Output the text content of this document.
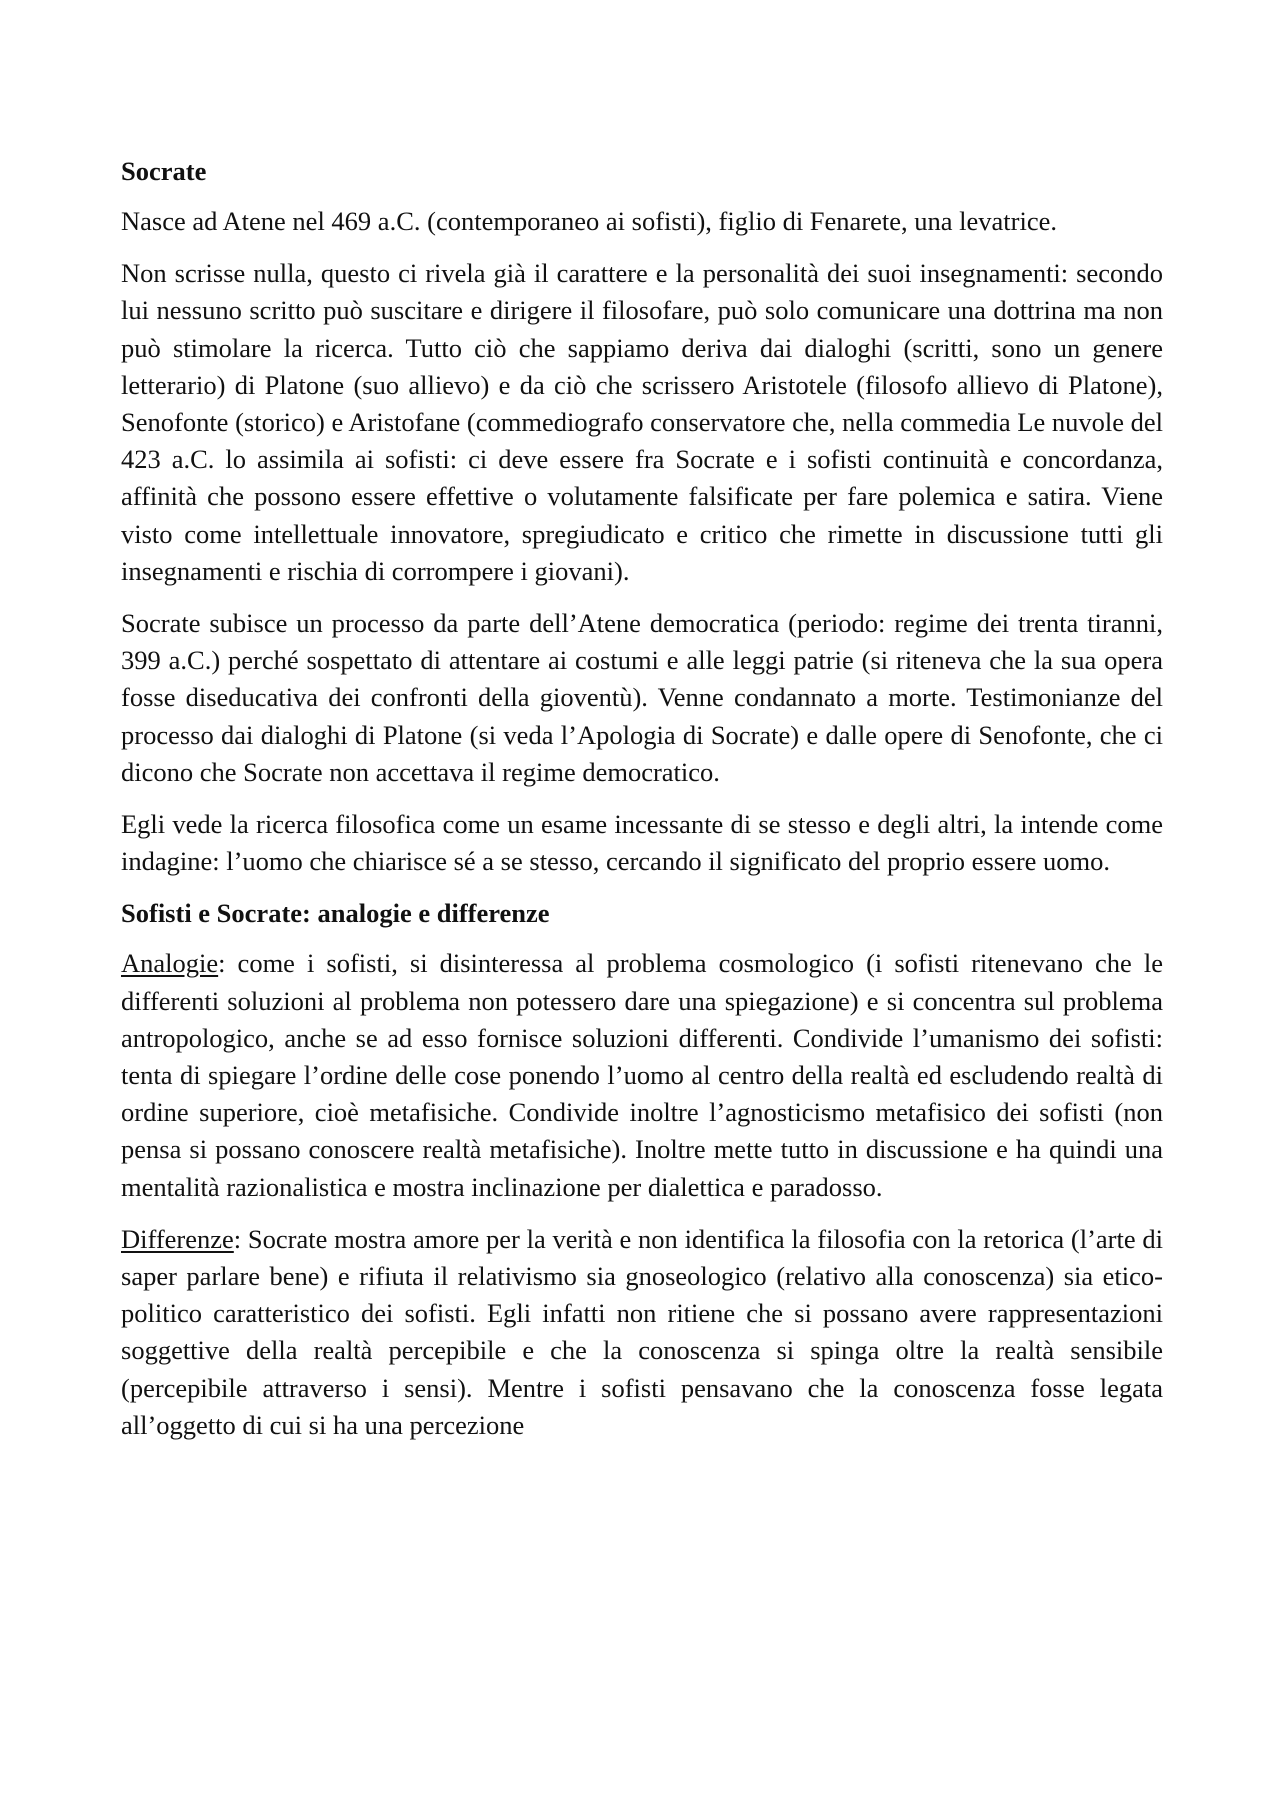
Socrate

Nasce ad Atene nel 469 a.C. (contemporaneo ai sofisti), figlio di Fenarete, una levatrice.

Non scrisse nulla, questo ci rivela già il carattere e la personalità dei suoi insegnamenti: secondo lui nessuno scritto può suscitare e dirigere il filosofare, può solo comunicare una dottrina ma non può stimolare la ricerca. Tutto ciò che sappiamo deriva dai dialoghi (scritti, sono un genere letterario) di Platone (suo allievo) e da ciò che scrissero Aristotele (filosofo allievo di Platone), Senofonte (storico) e Aristofane (commediografo conservatore che, nella commedia Le nuvole del 423 a.C. lo assimila ai sofisti: ci deve essere fra Socrate e i sofisti continuità e concordanza, affinità che possono essere effettive o volutamente falsificate per fare polemica e satira. Viene visto come intellettuale innovatore, spregiudicato e critico che rimette in discussione tutti gli insegnamenti e rischia di corrompere i giovani).

Socrate subisce un processo da parte dell’Atene democratica (periodo: regime dei trenta tiranni, 399 a.C.) perché sospettato di attentare ai costumi e alle leggi patrie (si riteneva che la sua opera fosse diseducativa dei confronti della gioventù). Venne condannato a morte. Testimonianze del processo dai dialoghi di Platone (si veda l’Apologia di Socrate) e dalle opere di Senofonte, che ci dicono che Socrate non accettava il regime democratico.

Egli vede la ricerca filosofica come un esame incessante di se stesso e degli altri, la intende come indagine: l’uomo che chiarisce sé a se stesso, cercando il significato del proprio essere uomo.

Sofisti e Socrate: analogie e differenze

Analogie: come i sofisti, si disinteressa al problema cosmologico (i sofisti ritenevano che le differenti soluzioni al problema non potessero dare una spiegazione) e si concentra sul problema antropologico, anche se ad esso fornisce soluzioni differenti. Condivide l’umanismo dei sofisti: tenta di spiegare l’ordine delle cose ponendo l’uomo al centro della realtà ed escludendo realtà di ordine superiore, cioè metafisiche. Condivide inoltre l’agnosticismo metafisico dei sofisti (non pensa si possano conoscere realtà metafisiche). Inoltre mette tutto in discussione e ha quindi una mentalità razionalistica e mostra inclinazione per dialettica e paradosso.

Differenze: Socrate mostra amore per la verità e non identifica la filosofia con la retorica (l’arte di saper parlare bene) e rifiuta il relativismo sia gnoseologico (relativo alla conoscenza) sia etico-politico caratteristico dei sofisti. Egli infatti non ritiene che si possano avere rappresentazioni soggettive della realtà percepibile e che la conoscenza si spinga oltre la realtà sensibile (percepibile attraverso i sensi). Mentre i sofisti pensavano che la conoscenza fosse legata all’oggetto di cui si ha una percezione
